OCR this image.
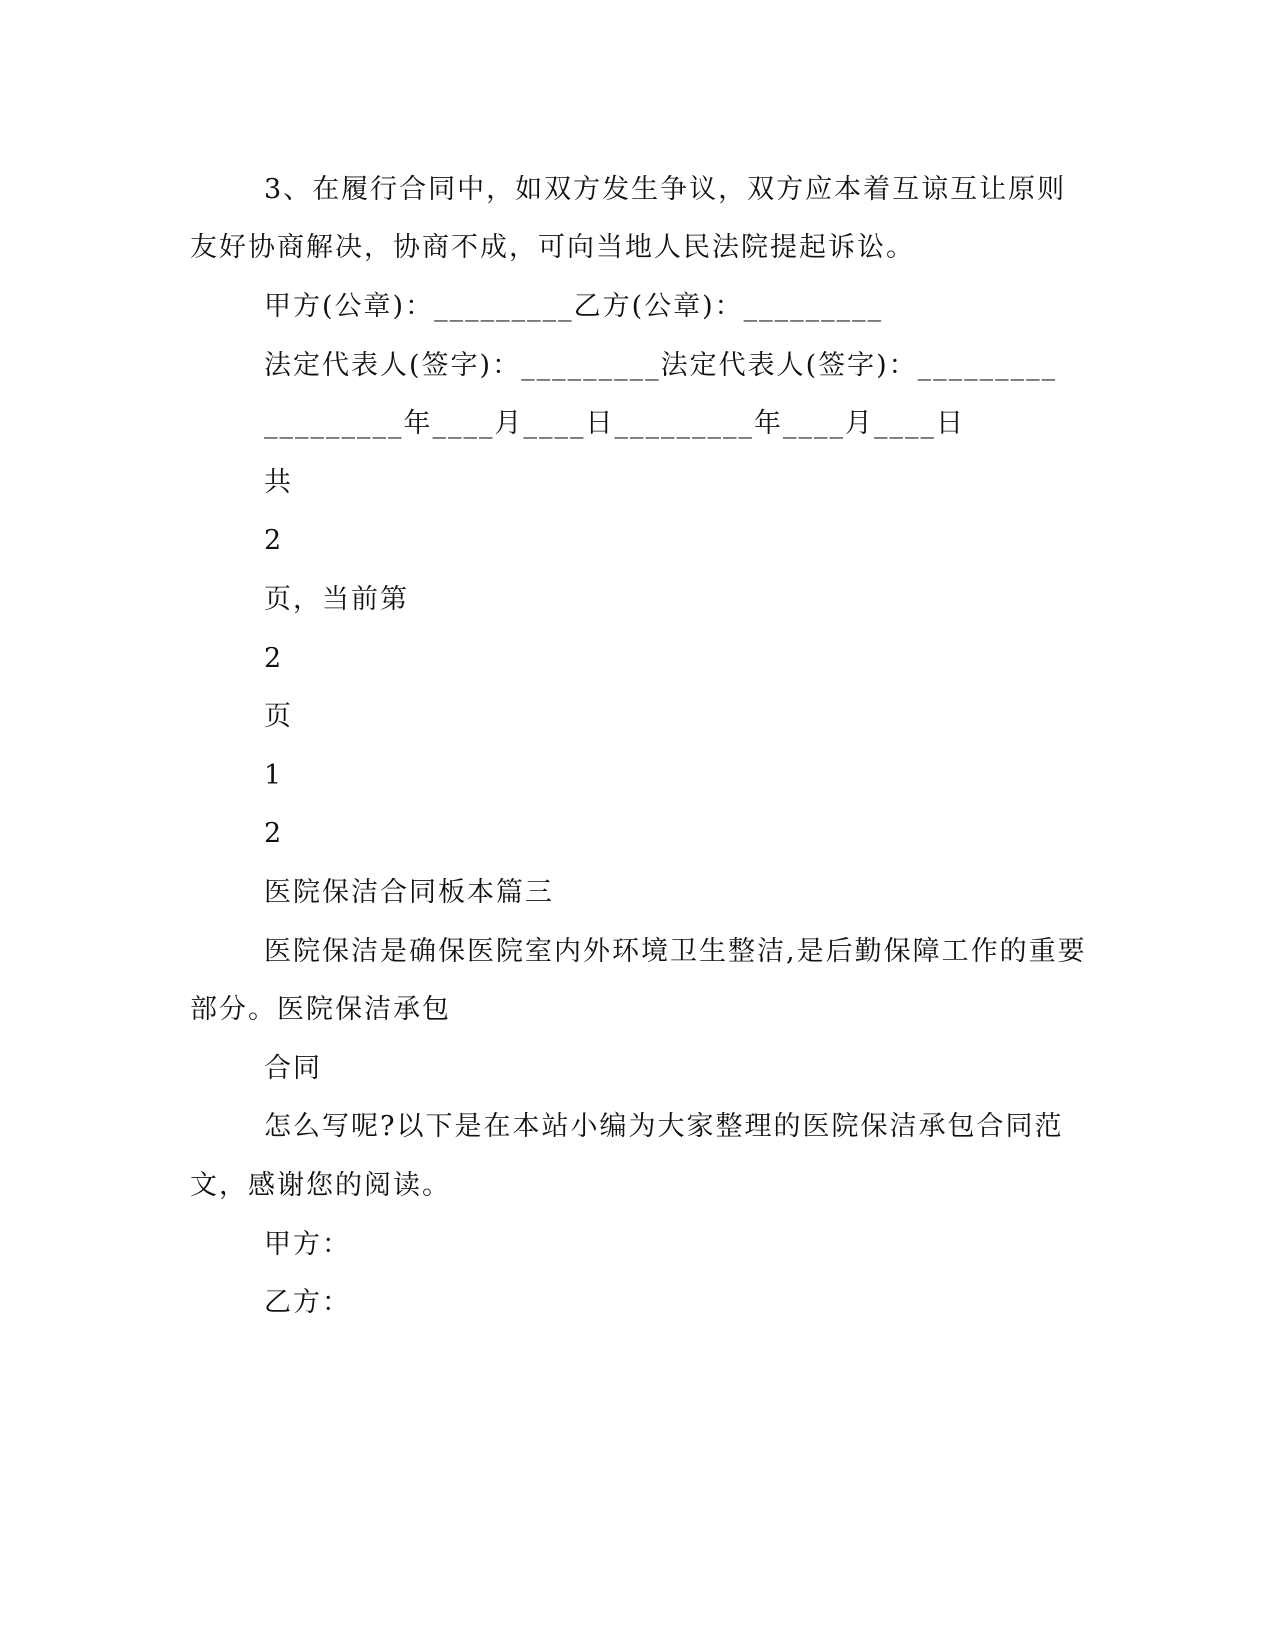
3、在履行合同中，如双方发生争议，双方应本着互谅互让原则
友好协商解决，协商不成，可向当地人民法院提起诉讼。
甲方(公章)：_________乙方(公章)：_________
法定代表人(签字)：_________法定代表人(签字)：_________
_________年____月____日_________年____月____日
共
2
页，当前第
2
页
1
2
医院保洁合同板本篇三
医院保洁是确保医院室内外环境卫生整洁,是后勤保障工作的重要
部分。医院保洁承包
合同
怎么写呢?以下是在本站小编为大家整理的医院保洁承包合同范
文，感谢您的阅读。
甲方：
乙方：
